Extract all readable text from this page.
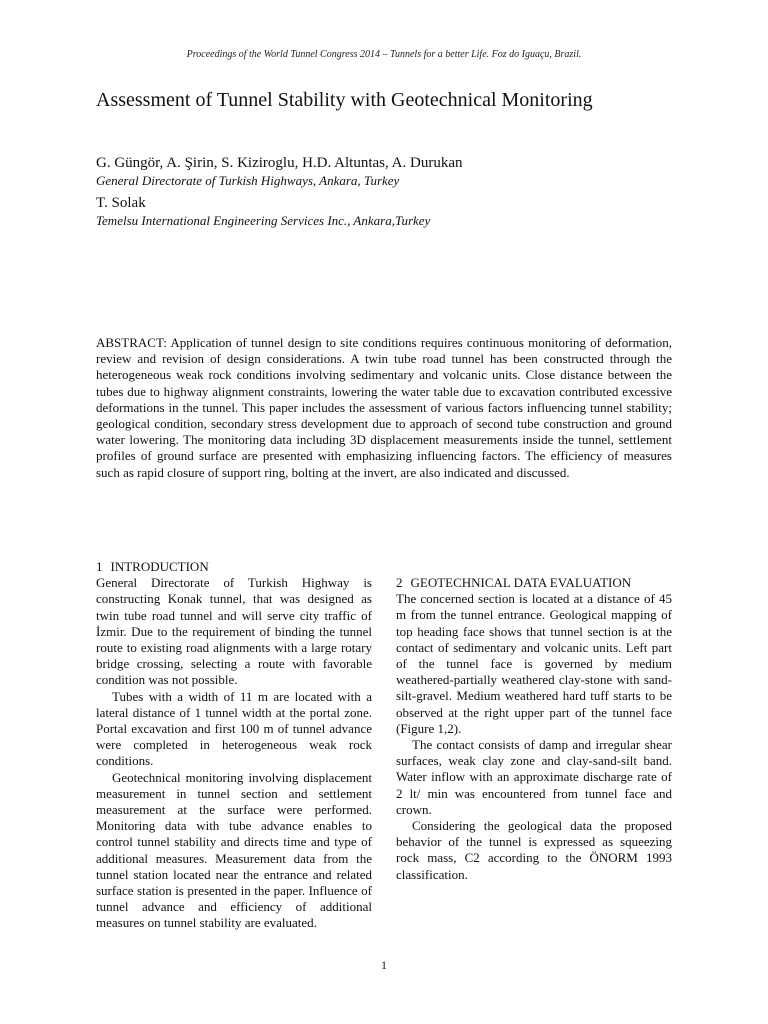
Proceedings of the World Tunnel Congress 2014 – Tunnels for a better Life. Foz do Iguaçu, Brazil.
Assessment of Tunnel Stability with Geotechnical Monitoring
G. Güngör, A. Şirin, S. Kiziroglu, H.D. Altuntas, A. Durukan
General Directorate of Turkish Highways, Ankara, Turkey
T. Solak
Temelsu International Engineering Services Inc., Ankara,Turkey
ABSTRACT: Application of tunnel design to site conditions requires continuous monitoring of deformation, review and revision of design considerations. A twin tube road tunnel has been constructed through the heterogeneous weak rock conditions involving sedimentary and volcanic units. Close distance between the tubes due to highway alignment constraints, lowering the water table due to excavation contributed excessive deformations in the tunnel. This paper includes the assessment of various factors influencing tunnel stability; geological condition, secondary stress development due to approach of second tube construction and ground water lowering. The monitoring data including 3D displacement measurements inside the tunnel, settlement profiles of ground surface are presented with emphasizing influencing factors. The efficiency of measures such as rapid closure of support ring, bolting at the invert, are also indicated and discussed.
1 INTRODUCTION

General Directorate of Turkish Highway is constructing Konak tunnel, that was designed as twin tube road tunnel and will serve city traffic of İzmir. Due to the requirement of binding the tunnel route to existing road alignments with a large rotary bridge crossing, selecting a route with favorable condition was not possible.

Tubes with a width of 11 m are located with a lateral distance of 1 tunnel width at the portal zone. Portal excavation and first 100 m of tunnel advance were completed in heterogeneous weak rock conditions.

Geotechnical monitoring involving displacement measurement in tunnel section and settlement measurement at the surface were performed. Monitoring data with tube advance enables to control tunnel stability and directs time and type of additional measures. Measurement data from the tunnel station located near the entrance and related surface station is presented in the paper. Influence of tunnel advance and efficiency of additional measures on tunnel stability are evaluated.

2 GEOTECHNICAL DATA EVALUATION

The concerned section is located at a distance of 45 m from the tunnel entrance. Geological mapping of top heading face shows that tunnel section is at the contact of sedimentary and volcanic units. Left part of the tunnel face is governed by medium weathered-partially weathered clay-stone with sand-silt-gravel. Medium weathered hard tuff starts to be observed at the right upper part of the tunnel face (Figure 1,2).

The contact consists of damp and irregular shear surfaces, weak clay zone and clay-sand-silt band. Water inflow with an approximate discharge rate of 2 lt/ min was encountered from tunnel face and crown.

Considering the geological data the proposed behavior of the tunnel is expressed as squeezing rock mass, C2 according to the ÖNORM 1993 classification.

1
